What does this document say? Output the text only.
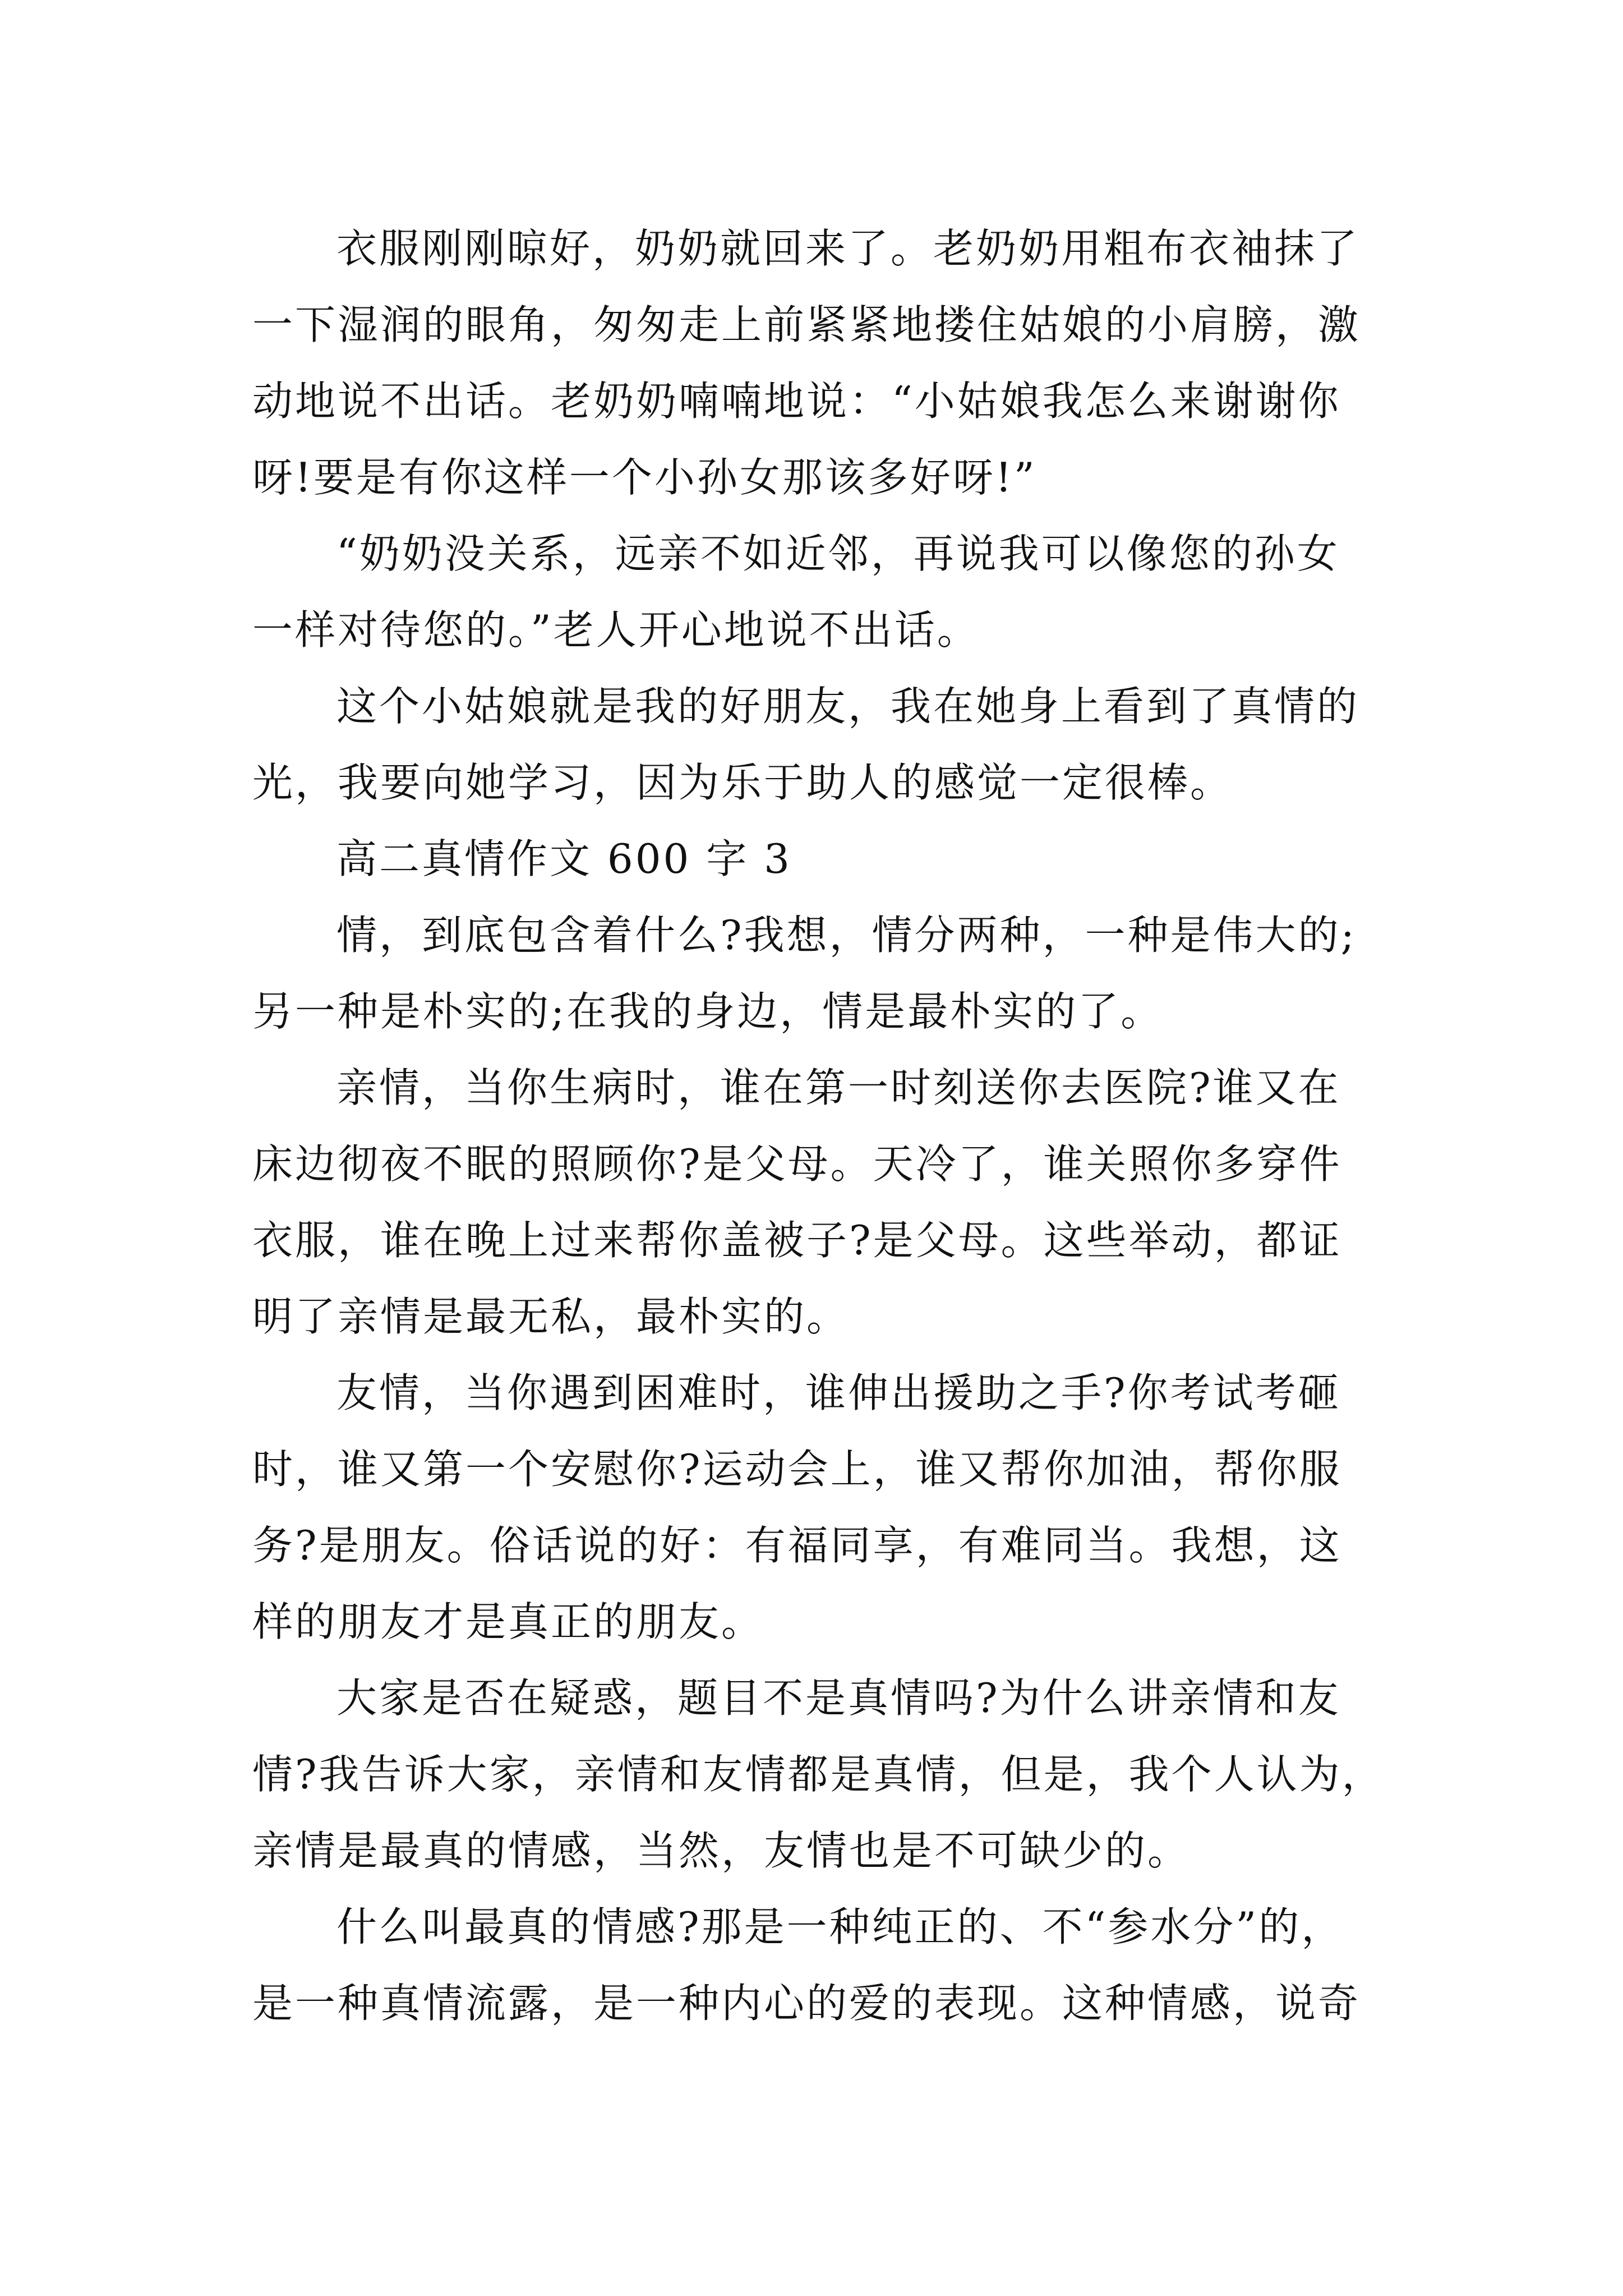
衣服刚刚晾好，奶奶就回来了。老奶奶用粗布衣袖抹了
一下湿润的眼角，匆匆走上前紧紧地搂住姑娘的小肩膀，激
动地说不出话。老奶奶喃喃地说：“小姑娘我怎么来谢谢你
呀!要是有你这样一个小孙女那该多好呀!”
“奶奶没关系，远亲不如近邻，再说我可以像您的孙女
一样对待您的。”老人开心地说不出话。
这个小姑娘就是我的好朋友，我在她身上看到了真情的
光，我要向她学习，因为乐于助人的感觉一定很棒。
高二真情作文 600 字 3
情，到底包含着什么?我想，情分两种，一种是伟大的;
另一种是朴实的;在我的身边，情是最朴实的了。
亲情，当你生病时，谁在第一时刻送你去医院?谁又在
床边彻夜不眠的照顾你?是父母。天冷了，谁关照你多穿件
衣服，谁在晚上过来帮你盖被子?是父母。这些举动，都证
明了亲情是最无私，最朴实的。
友情，当你遇到困难时，谁伸出援助之手?你考试考砸
时，谁又第一个安慰你?运动会上，谁又帮你加油，帮你服
务?是朋友。俗话说的好：有福同享，有难同当。我想，这
样的朋友才是真正的朋友。
大家是否在疑惑，题目不是真情吗?为什么讲亲情和友
情?我告诉大家，亲情和友情都是真情，但是，我个人认为，
亲情是最真的情感，当然，友情也是不可缺少的。
什么叫最真的情感?那是一种纯正的、不“参水分”的，
是一种真情流露，是一种内心的爱的表现。这种情感，说奇
